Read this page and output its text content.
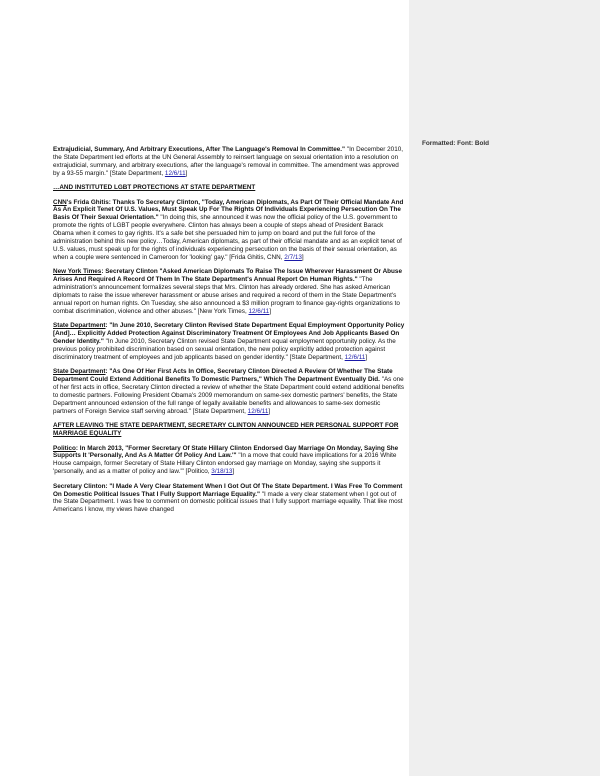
Formatted: Font: Bold

Extrajudicial, Summary, And Arbitrary Executions, After The Language's Removal In Committee." "In December 2010, the State Department led efforts at the UN General Assembly to reinsert language on sexual orientation into a resolution on extrajudicial, summary, and arbitrary executions, after the language's removal in committee. The amendment was approved by a 93-55 margin." [State Department, 12/6/11]

…AND INSTITUTED LGBT PROTECTIONS AT STATE DEPARTMENT

CNN's Frida Ghitis: Thanks To Secretary Clinton, "Today, American Diplomats, As Part Of Their Official Mandate And As An Explicit Tenet Of U.S. Values, Must Speak Up For The Rights Of Individuals Experiencing Persecution On The Basis Of Their Sexual Orientation." "In doing this, she announced it was now the official policy of the U.S. government to promote the rights of LGBT people everywhere. Clinton has always been a couple of steps ahead of President Barack Obama when it comes to gay rights. It's a safe bet she persuaded him to jump on board and put the full force of the administration behind this new policy…Today, American diplomats, as part of their official mandate and as an explicit tenet of U.S. values, must speak up for the rights of individuals experiencing persecution on the basis of their sexual orientation, as when a couple were sentenced in Cameroon for 'looking' gay." [Frida Ghitis, CNN, 2/7/13]

New York Times: Secretary Clinton "Asked American Diplomats To Raise The Issue Wherever Harassment Or Abuse Arises And Required A Record Of Them In The State Department's Annual Report On Human Rights." "The administration's announcement formalizes several steps that Mrs. Clinton has already ordered. She has asked American diplomats to raise the issue wherever harassment or abuse arises and required a record of them in the State Department's annual report on human rights. On Tuesday, she also announced a $3 million program to finance gay-rights organizations to combat discrimination, violence and other abuses." [New York Times, 12/6/11]

State Department: "In June 2010, Secretary Clinton Revised State Department Equal Employment Opportunity Policy [And]… Explicitly Added Protection Against Discriminatory Treatment Of Employees And Job Applicants Based On Gender Identity." "In June 2010, Secretary Clinton revised State Department equal employment opportunity policy. As the previous policy prohibited discrimination based on sexual orientation, the new policy explicitly added protection against discriminatory treatment of employees and job applicants based on gender identity." [State Department, 12/6/11]

State Department: "As One Of Her First Acts In Office, Secretary Clinton Directed A Review Of Whether The State Department Could Extend Additional Benefits To Domestic Partners," Which The Department Eventually Did. "As one of her first acts in office, Secretary Clinton directed a review of whether the State Department could extend additional benefits to domestic partners. Following President Obama's 2009 memorandum on same-sex domestic partners' benefits, the State Department announced extension of the full range of legally available benefits and allowances to same-sex domestic partners of Foreign Service staff serving abroad." [State Department, 12/6/11]

AFTER LEAVING THE STATE DEPARTMENT, SECRETARY CLINTON ANNOUNCED HER PERSONAL SUPPORT FOR MARRIAGE EQUALITY

Politico: In March 2013, "Former Secretary Of State Hillary Clinton Endorsed Gay Marriage On Monday, Saying She Supports It 'Personally, And As A Matter Of Policy And Law.'" "In a move that could have implications for a 2016 White House campaign, former Secretary of State Hillary Clinton endorsed gay marriage on Monday, saying she supports it 'personally, and as a matter of policy and law.'" [Politico, 3/18/13]

Secretary Clinton: "I Made A Very Clear Statement When I Got Out Of The State Department. I Was Free To Comment On Domestic Political Issues That I Fully Support Marriage Equality." "I made a very clear statement when I got out of the State Department. I was free to comment on domestic political issues that I fully support marriage equality. That like most Americans I know, my views have changed
